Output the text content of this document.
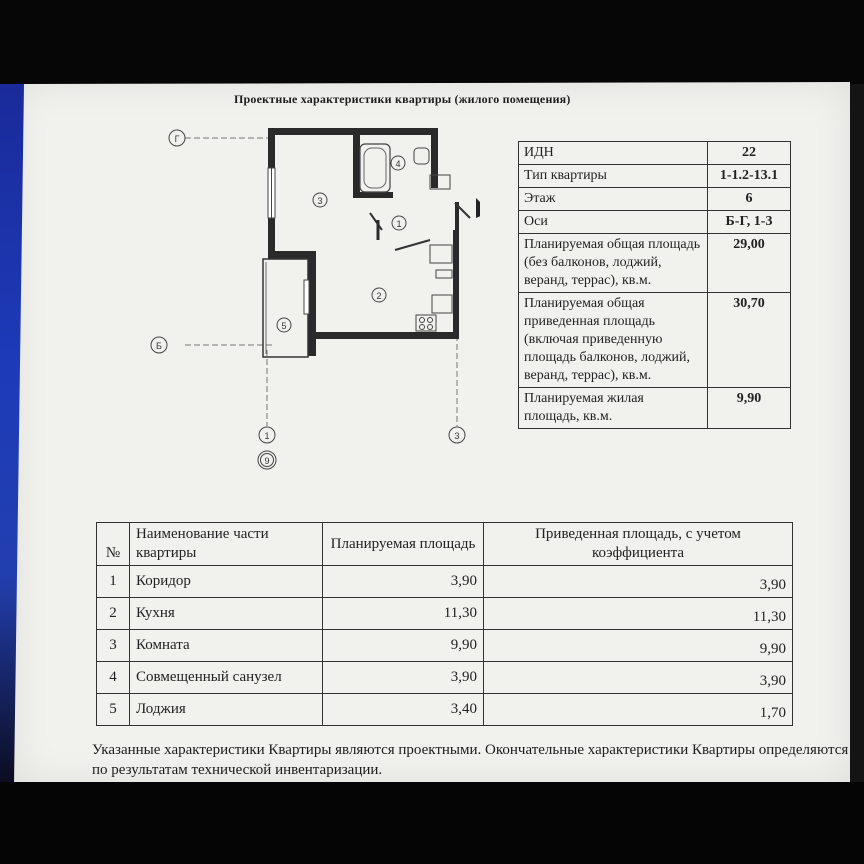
Проектные характеристики квартиры (жилого помещения)
Г
Б
1	3
9
3
4
1
2
5
ИДН	22
Тип квартиры	1-1.2-13.1
Этаж	6
Оси	Б-Г, 1-3
Планируемая общая площадь (без балконов, лоджий, веранд, террас), кв.м.	29,00
Планируемая общая приведенная площадь (включая приведенную площадь балконов, лоджий, веранд, террас), кв.м.	30,70
Планируемая жилая площадь, кв.м.	9,90
№	Наименование части квартиры	Планируемая площадь	Приведенная площадь, с учетом коэффициента
1	Коридор	3,90	3,90
2	Кухня	11,30	11,30
3	Комната	9,90	9,90
4	Совмещенный санузел	3,90	3,90
5	Лоджия	3,40	1,70
Указанные характеристики Квартиры являются проектными. Окончательные характеристики Квартиры определяются по результатам технической инвентаризации.
